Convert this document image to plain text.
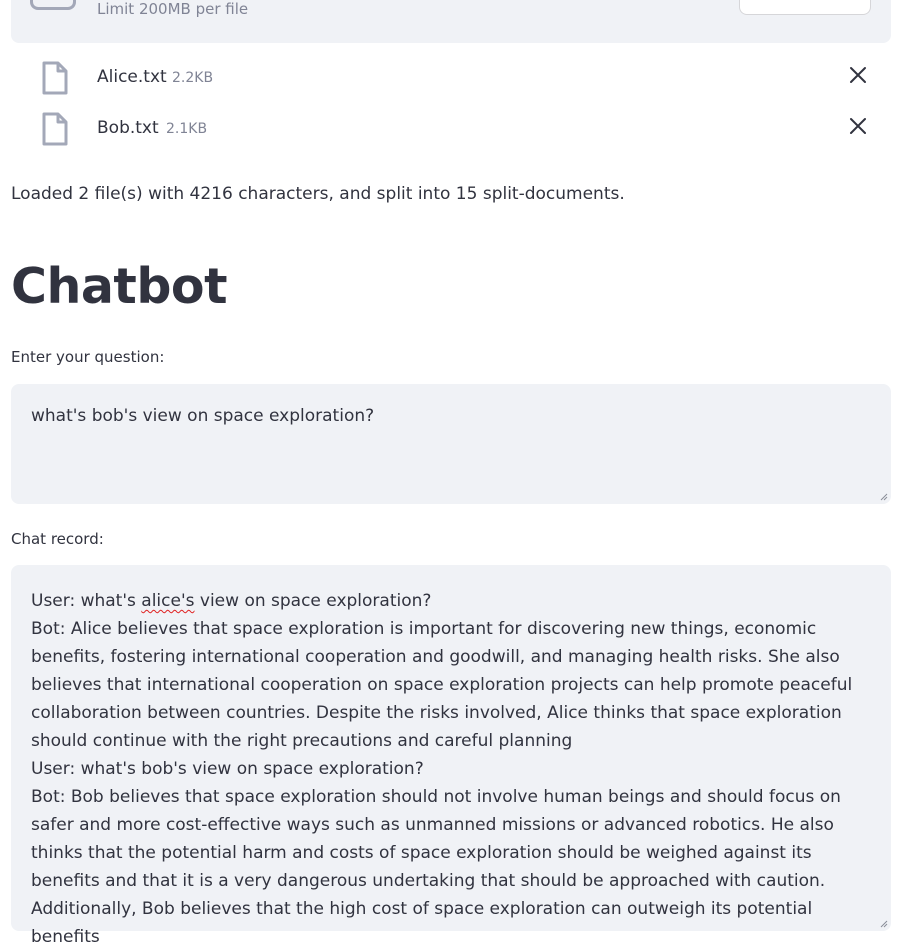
Limit 200MB per file
Alice.txt 2.2KB
Bob.txt 2.1KB
Loaded 2 file(s) with 4216 characters, and split into 15 split-documents.
Chatbot
Enter your question:
what's bob's view on space exploration?
Chat record:
User: what's alice's view on space exploration?
Bot: Alice believes that space exploration is important for discovering new things, economic benefits, fostering international cooperation and goodwill, and managing health risks. She also believes that international cooperation on space exploration projects can help promote peaceful collaboration between countries. Despite the risks involved, Alice thinks that space exploration should continue with the right precautions and careful planning
User: what's bob's view on space exploration?
Bot: Bob believes that space exploration should not involve human beings and should focus on safer and more cost-effective ways such as unmanned missions or advanced robotics. He also thinks that the potential harm and costs of space exploration should be weighed against its benefits and that it is a very dangerous undertaking that should be approached with caution. Additionally, Bob believes that the high cost of space exploration can outweigh its potential benefits
